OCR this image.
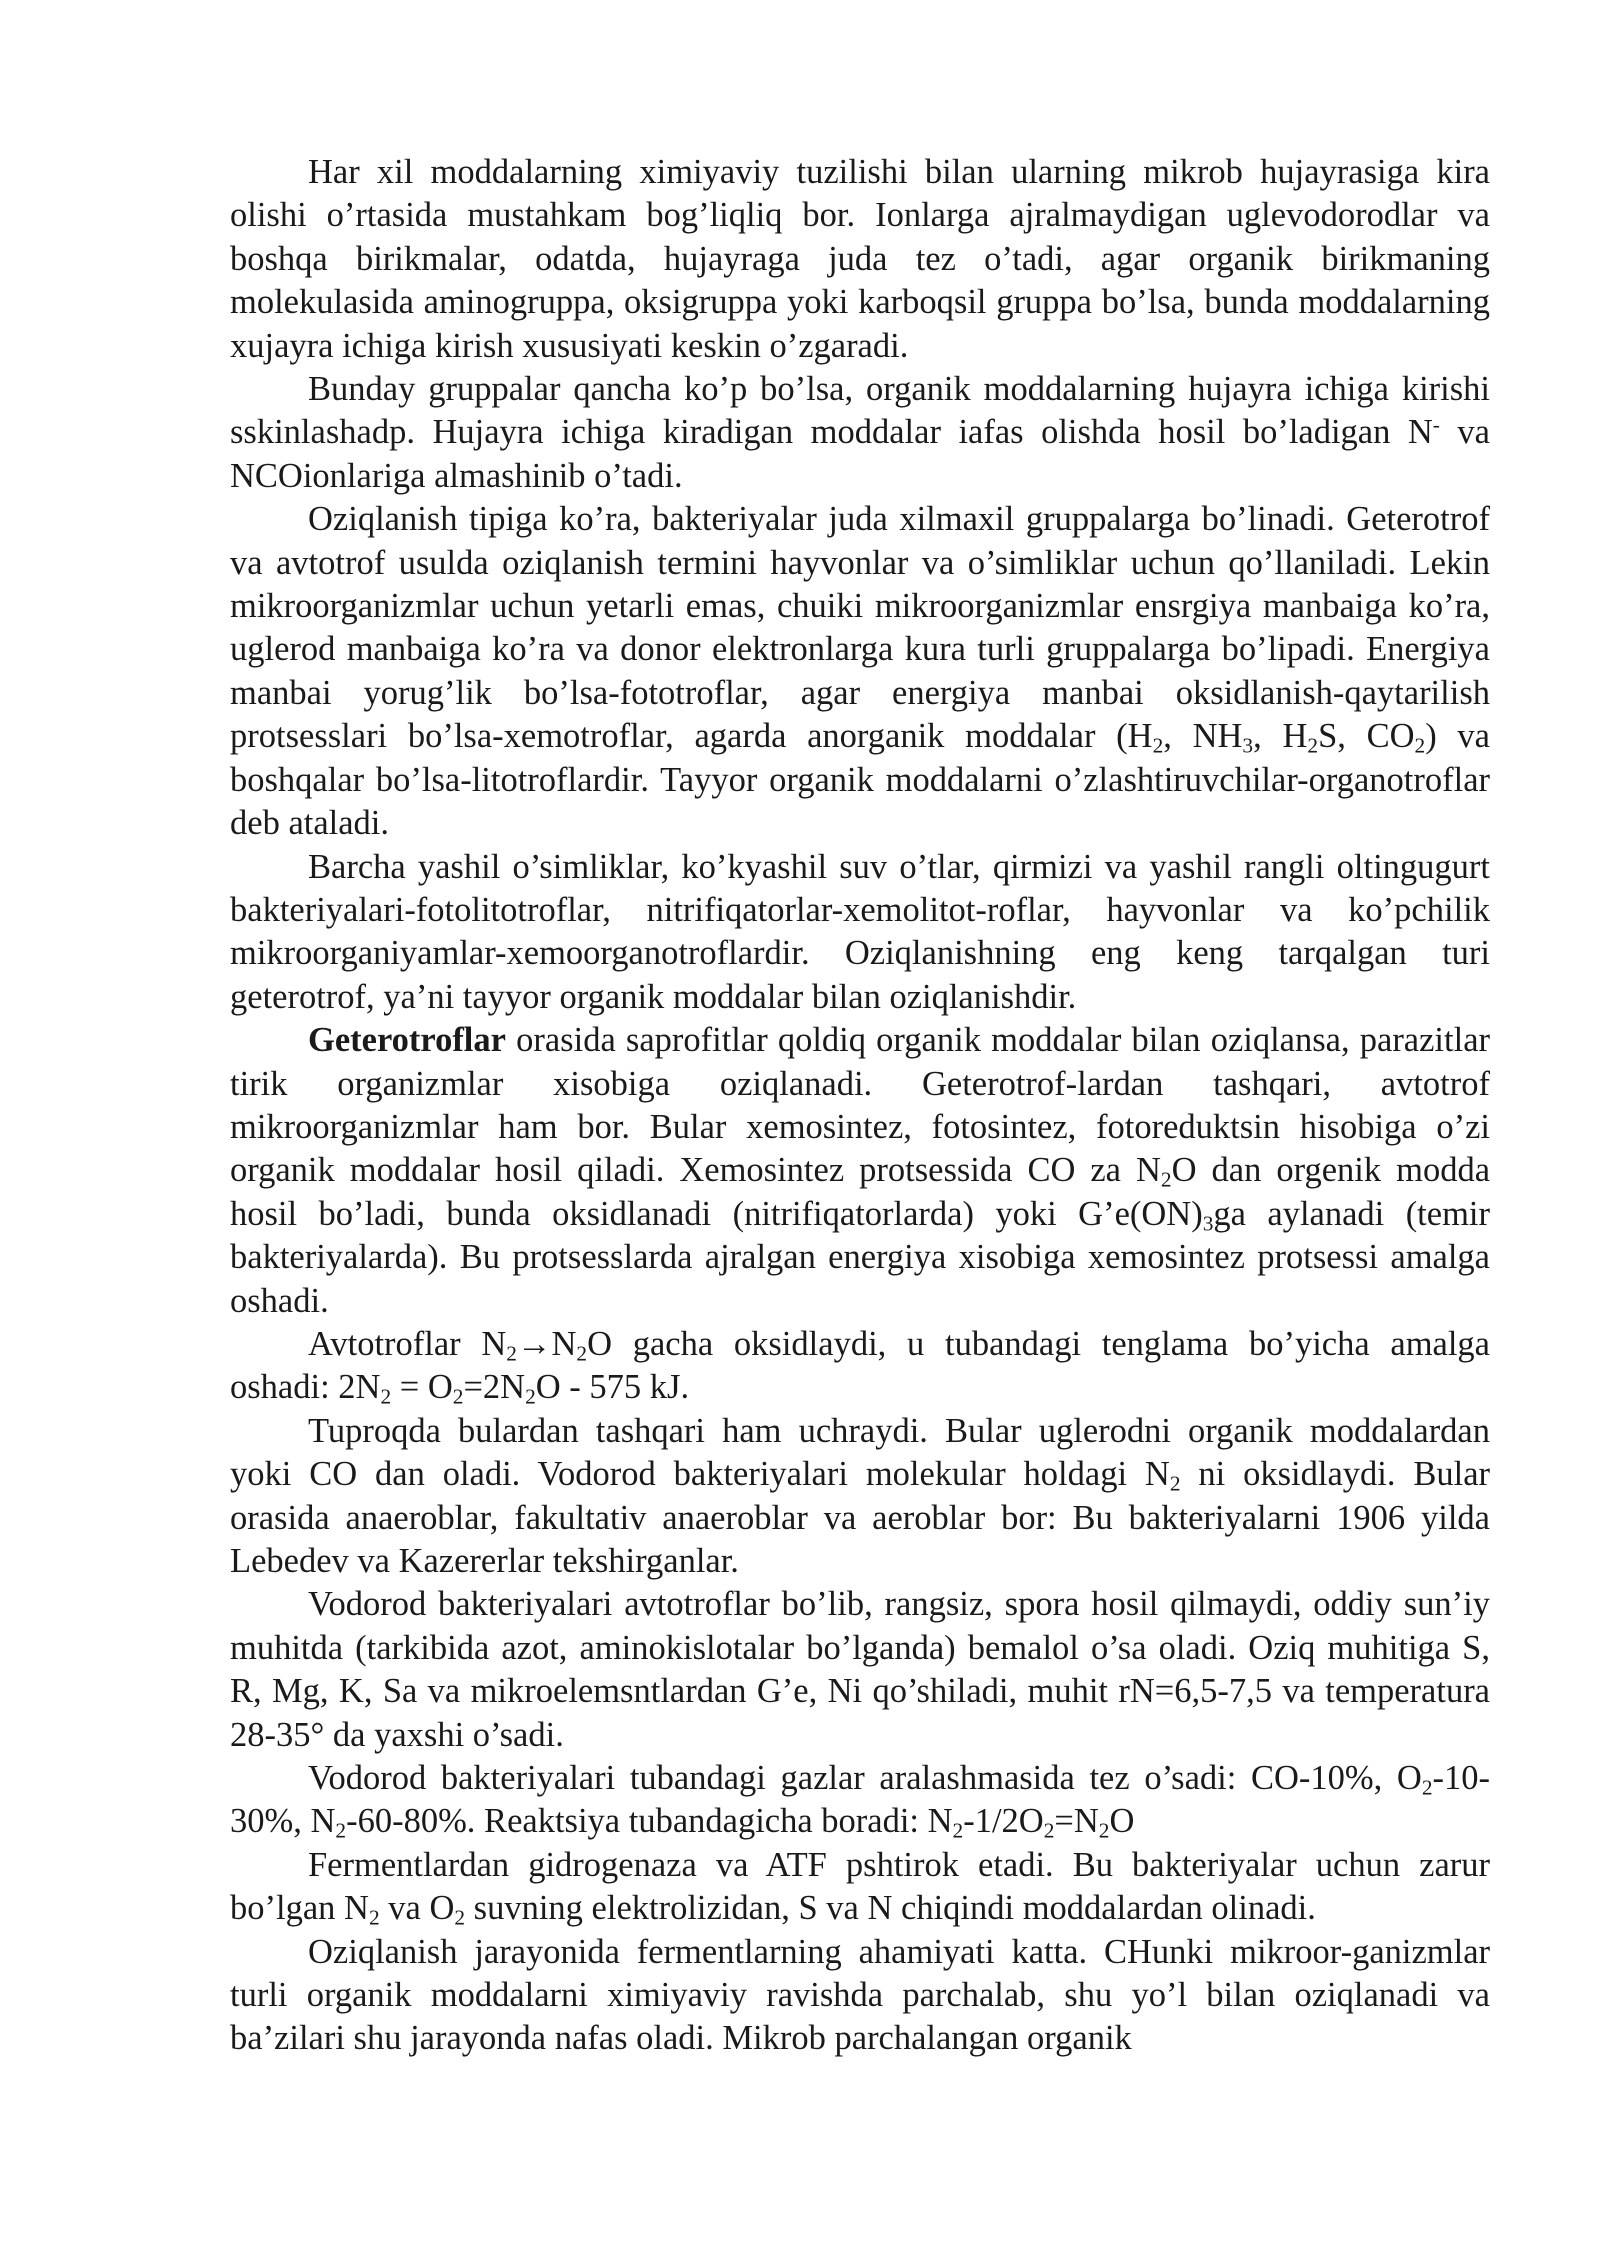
Har xil moddalarning ximiyaviy tuzilishi bilan ularning mikrob hujayrasiga kira olishi o’rtasida mustahkam bog’liqliq bor. Ionlarga ajralmaydigan uglevodorodlar va boshqa birikmalar, odatda, hujayraga juda tez o’tadi, agar organik birikmaning molekulasida aminogruppa, oksigruppa yoki karboqsil gruppa bo’lsa, bunda moddalarning xujayra ichiga kirish xususiyati keskin o’zgaradi.

Bunday gruppalar qancha ko’p bo’lsa, organik moddalarning hujayra ichiga kirishi sskinlashadp. Hujayra ichiga kiradigan moddalar iafas olishda hosil bo’ladigan N- va NCOionlariga almashinib o’tadi.

Oziqlanish tipiga ko’ra, bakteriyalar juda xilmaxil gruppalarga bo’linadi. Geterotrof va avtotrof usulda oziqlanish termini hayvonlar va o’simliklar uchun qo’llaniladi. Lekin mikroorganizmlar uchun yetarli emas, chuiki mikroorganizmlar ensrgiya manbaiga ko’ra, uglerod manbaiga ko’ra va donor elektronlarga kura turli gruppalarga bo’lipadi. Energiya manbai yorug’lik bo’lsa-fototroflar, agar energiya manbai oksidlanish-qaytarilish protsesslari bo’lsa-xemotroflar, agarda anorganik moddalar ($H_2$, $NH_3$, $H_2S$, $CO_2$) va boshqalar bo’lsa-litotroflardir. Tayyor organik moddalarni o’zlashtiruvchilar-organotroflar deb ataladi.

Barcha yashil o’simliklar, ko’kyashil suv o’tlar, qirmizi va yashil rangli oltingugurt bakteriyalari-fotolitotroflar, nitrifiqatorlar-xemolitot-roflar, hayvonlar va ko’pchilik mikroorganiyamlar-xemoorganotroflardir. Oziqlanishning eng keng tarqalgan turi geterotrof, ya’ni tayyor organik moddalar bilan oziqlanishdir.

Geterotroflar orasida saprofitlar qoldiq organik moddalar bilan oziqlansa, parazitlar tirik organizmlar xisobiga oziqlanadi. Geterotrof-lardan tashqari, avtotrof mikroorganizmlar ham bor. Bular xemosintez, fotosintez, fotoreduktsin hisobiga o’zi organik moddalar hosil qiladi. Xemosintez protsessida CO za $N_2O$ dan orgenik modda hosil bo’ladi, bunda oksidlanadi (nitrifiqatorlarda) yoki $G’e(ON)_3ga$ aylanadi (temir bakteriyalarda). Bu protsesslarda ajralgan energiya xisobiga xemosintez protsessi amalga oshadi.

Avtotroflar $N_2\to N_2O$ gacha oksidlaydi, u tubandagi tenglama bo’yicha amalga oshadi: $2N_2 = O_2=2N_2O - 575$ kJ.

Tuproqda bulardan tashqari ham uchraydi. Bular uglerodni organik moddalardan yoki CO dan oladi. Vodorod bakteriyalari molekular holdagi $N_2$ ni oksidlaydi. Bular orasida anaeroblar, fakultativ anaeroblar va aeroblar bor: Bu bakteriyalarni 1906 yilda Lebedev va Kazererlar tekshirganlar.

Vodorod bakteriyalari avtotroflar bo’lib, rangsiz, spora hosil qilmaydi, oddiy sun’iy muhitda (tarkibida azot, aminokislotalar bo’lganda) bemalol o’sa oladi. Oziq muhitiga S, R, Mg, K, Sa va mikroelemsntlardan G’e, Ni qo’shiladi, muhit rN=6,5-7,5 va temperatura 28-35° da yaxshi o’sadi.

Vodorod bakteriyalari tubandagi gazlar aralashmasida tez o’sadi: CO-10%, $O_2-10-30\%$, $N_2-60-80\%$. Reaktsiya tubandagicha boradi: $N_2-1/2O_2=N_2O$

Fermentlardan gidrogenaza va ATF pshtirok etadi. Bu bakteriyalar uchun zarur bo’lgan $N_2$ va $O_2$ suvning elektrolizidan, S va N chiqindi moddalardan olinadi.

Oziqlanish jarayonida fermentlarning ahamiyati katta. CHunki mikroor-ganizmlar turli organik moddalarni ximiyaviy ravishda parchalab, shu yo’l bilan oziqlanadi va ba’zilari shu jarayonda nafas oladi. Mikrob parchalangan organik
